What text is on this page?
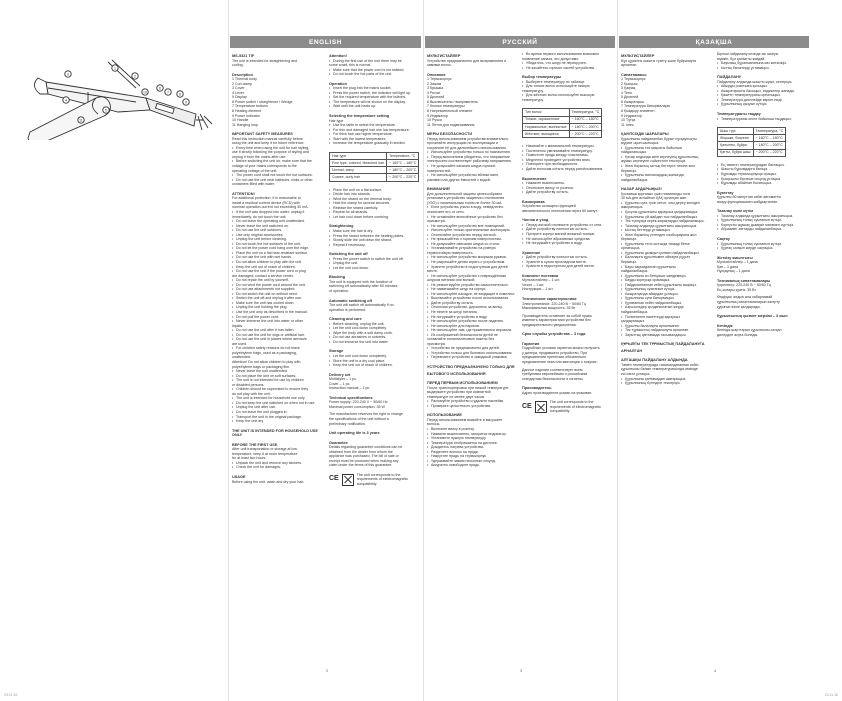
1
2
3
4
5
6
7	8
9
10
11
ENGLISH	РУССКИЙ	ҚАЗАҚША
MS-5321 TIF
The unit is intended for straightening and
curling.
Description
1 Thermal body
2 Curl clamp
3 Cover
4 Lever
5 Display
6 Power switch / straightener / Wedge
7 Temperature buttons
8 Heating element
9 Power indicator
10 Handle
11 Hanging loop
IMPORTANT SAFETY MEASURES
Read this instruction manual carefully before
using the unit and keep it for future reference.
• Every time when using the unit for hair styling,
use it strictly following the purpose of styling and
unplug it from the mains after use.
• Before switching the unit on, make sure that the
voltage of your mains corresponds to the
operating voltage of the unit.
• The power cord shall not touch the hot surfaces.
• Do not use the unit near bathtubs, sinks or other
containers filled with water.
ATTENTION!
For additional protection, it is reasonable to
install a residual current device (RCD) with
nominal operation current not exceeding 30 mA.
• If the unit was dropped into water, unplug it
immediately, do not touch the unit.
• Do not leave the operating unit unattended.
• Never leave the unit switched on.
• Do not use the unit outdoors.
• Use only original accessories.
• Unplug the unit before cleaning.
• Do not touch the hot surfaces of the unit.
• Do not let the power cord hang over the edge.
• Place the unit on a flat heat-resistant surface.
• Do not use the unit with wet hands.
• Do not allow children to play with the unit.
• Keep the unit out of reach of children.
• Do not use the unit if the power cord or plug
are damaged; contact a service center.
• Do not repair the unit by yourself.
• Do not wind the power cord around the unit.
• Do not use attachments not supplied.
• Do not switch the unit on without need.
• Switch the unit off and unplug it after use.
• Make sure the unit has cooled down.
• Unplug the unit holding the plug.
• Use the unit only as described in the manual.
• Do not pull the power cord.
• Never immerse the unit into water or other
liquids.
• Do not use the unit after it has fallen.
• Do not use the unit for wigs or artificial hair.
• Do not use the unit in places where aerosols
are used.
• For children safety reasons do not leave
polyethylene bags, used as a packaging,
unattended.
Attention! Do not allow children to play with
polyethylene bags or packaging film.
• Never leave the unit unattended.
• Do not place the unit on soft surfaces.
• The unit is not intended for use by children
or disabled persons.
• Children should be supervised to ensure they
do not play with the unit.
• The unit is intended for household use only.
• Do not keep the unit switched on when not in use.
• Unplug the unit after use.
• Do not leave the unit plugged in.
• Transport the unit in the original package.
• Keep the unit dry.
THE UNIT IS INTENDED FOR HOUSEHOLD USE ONLY
BEFORE THE FIRST USE
After unit transportation or storage at low
temperature, keep it at room temperature
for at least two hours.
• Unpack the unit and remove any stickers.
• Check the unit for damages.
USAGE
Before using the unit, wash and dry your hair.
Attention!
• During the first use of the unit there may be
some smell, this is normal.
• Make sure that the power cord is not twisted.
• Do not touch the hot parts of the unit.
Operation
• Insert the plug into the mains socket.
• Press the power switch, the indicator will light up.
• Set the required temperature with the buttons.
• The temperature will be shown on the display.
• Wait until the unit heats up.
Selecting the temperature setting
Hair type
• Use the table to select the temperature.
• For thin and damaged hair use low temperature.
• For thick hair use higher temperature.
• Start with the lowest temperature.
• Increase the temperature gradually if needed.
Hair type	Temperature, °C
Fine type, colored, bleached hair	~ 160°C – 180°C
Normal, wavy	~ 180°C – 200°C
Coarse, curly hair	~ 200°C – 220°C
• Place the unit on a flat surface.
• Divide hair into strands.
• Wind the strand on the thermal body.
• Hold the clamp for several seconds.
• Release the strand carefully.
• Repeat for all strands.
• Let hair cool down before combing.
Straightening
• Make sure the hair is dry.
• Press the strand between the heating plates.
• Slowly slide the unit down the strand.
• Repeat if necessary.
Switching the unit off
• Press the power switch to switch the unit off.
• Unplug the unit.
• Let the unit cool down.
Blocking
The unit is equipped with the function of
switching off automatically after 60 minutes
of operation.
Automatic switching off
The unit will switch off automatically if no
operation is performed.
Cleaning and care
• Before cleaning, unplug the unit.
• Let the unit cool down completely.
• Wipe the body with a soft damp cloth.
• Do not use abrasives or solvents.
• Do not immerse the unit into water.
Storage
• Let the unit cool down completely.
• Store the unit in a dry cool place.
• Keep the unit out of reach of children.
Delivery set
Multistyler – 1 pc.
Cover – 1 pc.
Instruction manual – 1 pc.
Technical specifications
Power supply: 220-240 V ~ 50/60 Hz
Maximal power consumption: 35 W
The manufacturer reserves the right to change
the specifications of the unit without a
preliminary notification.
Unit operating life is 3 years
Guarantee
Details regarding guarantee conditions can be
obtained from the dealer from whom the
appliance was purchased. The bill of sale or
receipt must be produced when making any
claim under the terms of this guarantee.
CE
The unit corresponds to the requirements of electromagnetic compatibility
МУЛЬТИСТАЙЛЕР
Устройство предназначено для выпрямления и
завивки волос.
Описание
1 Термокорпус
2 Зажим
3 Крышка
4 Рычаг
5 Дисплей
6 Выключатель / выпрямитель
7 Кнопки температуры
8 Нагревательный элемент
9 Индикатор
10 Ручка
11 Петля для подвешивания
МЕРЫ БЕЗОПАСНОСТИ
Перед использованием устройства внимательно
прочитайте инструкцию по эксплуатации и
сохраните её для дальнейшего использования.
• Используйте устройство только по назначению.
• Перед включением убедитесь, что напряжение
электросети соответствует рабочему напряжению.
• Не допускайте касания шнура горячих
поверхностей.
• Не используйте устройство вблизи ванн,
раковин или других ёмкостей с водой.
ВНИМАНИЕ!
Для дополнительной защиты целесообразно
установить устройство защитного отключения
(УЗО) с номинальным током не более 30 мА.
• Если устройство упало в воду, немедленно
отключите его от сети.
• Не оставляйте включённое устройство без
присмотра.
• Не используйте устройство вне помещений.
• Используйте только оригинальные аксессуары.
• Отключайте устройство перед чисткой.
• Не прикасайтесь к горячим поверхностям.
• Не допускайте свисания шнура со стола.
• Устанавливайте устройство на ровную
термостойкую поверхность.
• Не используйте устройство мокрыми руками.
• Не разрешайте детям играть с устройством.
• Храните устройство в недоступном для детей
месте.
• Не используйте устройство с повреждённым
шнуром питания или вилкой.
• Не ремонтируйте устройство самостоятельно.
• Не наматывайте шнур на корпус.
• Не используйте насадки, не входящие в комплект.
• Выключайте устройство после использования.
• Дайте устройству остыть.
• Отключая устройство, держитесь за вилку.
• Не тяните за шнур питания.
• Не погружайте устройство в воду.
• Не используйте устройство после падения.
• Не используйте для париков.
• Не используйте там, где применяются аэрозоли.
• Из соображений безопасности детей не
оставляйте полиэтиленовые пакеты без
присмотра.
• Устройство не предназначено для детей.
• Устройство только для бытового использования.
• Перевозите устройство в заводской упаковке.
УСТРОЙСТВО ПРЕДНАЗНАЧЕНО ТОЛЬКО ДЛЯ
БЫТОВОГО ИСПОЛЬЗОВАНИЯ
ПЕРЕД ПЕРВЫМ ИСПОЛЬЗОВАНИЕМ
После транспортировки при низкой температуре
выдержите устройство при комнатной
температуре не менее двух часов.
• Распакуйте устройство и удалите наклейки.
• Проверьте целостность устройства.
ИСПОЛЬЗОВАНИЕ
Перед использованием вымойте и высушите
волосы.
• Включите вилку в розетку.
• Нажмите выключатель, загорится индикатор.
• Установите нужную температуру.
• Температура отображается на дисплее.
• Дождитесь нагрева устройства.
• Разделите волосы на пряди.
• Накрутите прядь на термокорпус.
• Удерживайте зажим несколько секунд.
• Аккуратно освободите прядь.
• Во время первого использования возможно
появление запаха, это допустимо.
• Убедитесь, что шнур не перекручен.
• Не касайтесь горячих частей устройства.
Выбор температуры
• Выберите температуру по таблице.
• Для тонких волос используйте низкую
температуру.
• Для жёстких волос используйте высокую
температуру.
Тип волос	Температура, °C
Тонкие, окрашенные	~ 160°C – 180°C
Нормальные, волнистые	~ 180°C – 200°C
Жёсткие, вьющиеся	~ 200°C – 220°C
• Начинайте с минимальной температуры.
• Постепенно увеличивайте температуру.
• Поместите прядь между пластинами.
• Медленно проведите устройство вниз.
• Повторите при необходимости.
• Дайте волосам остыть перед расчёсыванием.
Выключение
• Нажмите выключатель.
• Отключите вилку от розетки.
• Дайте устройству остыть.
Блокировка
Устройство оснащено функцией
автоматического отключения через 60 минут.
Чистка и уход
• Перед чисткой отключите устройство от сети.
• Дайте устройству полностью остыть.
• Протрите корпус мягкой влажной тканью.
• Не используйте абразивные средства.
• Не погружайте устройство в воду.
Хранение
• Дайте устройству полностью остыть.
• Храните в сухом прохладном месте.
• Храните в недоступном для детей месте.
Комплект поставки
Мультистайлер – 1 шт.
Чехол – 1 шт.
Инструкция – 1 шт.
Технические характеристики
Электропитание: 220-240 В ~ 50/60 Гц
Максимальная мощность: 35 Вт
Производитель оставляет за собой право
изменять характеристики устройства без
предварительного уведомления.
Срок службы устройства – 3 года
Гарантия
Подробные условия гарантии можно получить
у дилера, продавшего устройство. При
предъявлении претензии обязательно
предъявление чека или квитанции о покупке.
Данное изделие соответствует всем
требуемым европейским и российским
стандартам безопасности и гигиены.
Производитель
Адрес производителя указан на упаковке.
CE
The unit corresponds to the requirements of electromagnetic compatibility
МУЛЬТИСТАЙЛЕР
Бұл құрылғы шашты түзету және бұйралауға
арналған.
Сипаттамасы
1 Термокорпус
2 Қысқыш
3 Қақпақ
4 Тетік
5 Дисплей
6 Ажыратқыш
7 Температура батырмалары
8 Қыздыру элементі
9 Индикатор
10 Тұтқа
11 Ілгек
ҚАУІПСІЗДІК ШАРАЛАРЫ
Құрылғыны пайдаланбас бұрын нұсқаулықты
мұқият оқып шығыңыз.
• Құрылғыны тек мақсаты бойынша
пайдаланыңыз.
• Қосар алдында желі кернеуінің құрылғының
жұмыс кернеуіне сәйкестігін тексеріңіз.
• Желі бауының ыстық беттерге тиюіне жол
бермеңіз.
• Құрылғыны ванналардың жанында
пайдаланбаңыз.
НАЗАР АУДАРЫҢЫЗ!
Қосымша қорғаныс үшін номиналды тогы
30 мА-ден аспайтын ҚАҚ орнатқан жөн.
• Құрылғы суға түсіп кетсе, оны дереу желіден
ажыратыңыз.
• Қосулы құрылғыны қараусыз қалдырмаңыз.
• Құрылғыны үй-жайдан тыс пайдаланбаңыз.
• Тек түпнұсқа керек-жарақтарды пайдаланыңыз.
• Тазалау алдында құрылғыны ажыратыңыз.
• Ыстық беттерді ұстамаңыз.
• Желі бауының үстелден салбырауына жол
бермеңіз.
• Құрылғыны тегіс ыстыққа төзімді бетке
орнатыңыз.
• Құрылғыны дымқыл қолмен пайдаланбаңыз.
• Балаларға құрылғымен ойнауға рұқсат
бермеңіз.
• Бауы зақымдалған құрылғыны
пайдаланбаңыз.
• Құрылғыны өз бетіңізше жөндемеңіз.
• Бауды корпусқа орамаңыз.
• Пайдаланғаннан кейін құрылғыны өшіріңіз.
• Құрылғының суығанын күтіңіз.
• Ажыратқанда айырдан ұстаңыз.
• Құрылғыны суға батырмаңыз.
• Құлағаннан кейін пайдаланбаңыз.
• Аэрозольдер қолданылатын жерде
пайдаланбаңыз.
• Полиэтилен пакеттерді қараусыз
қалдырмаңыз.
• Құрылғы балаларға арналмаған.
• Тек тұрмыстық пайдалануға арналған.
• Зауыттық қаптамада тасымалдаңыз.
ҚҰРЫЛҒЫ ТЕК ТҰРМЫСТЫҚ ПАЙДАЛАНУҒА
АРНАЛҒАН
АЛҒАШҚЫ ПАЙДАЛАНУ АЛДЫНДА
Төмен температурада тасымалдағаннан кейін
құрылғыны бөлме температурасында кемінде
екі сағат ұстаңыз.
• Құрылғыны қаптамадан шығарыңыз.
• Құрылғының бүтіндігін тексеріңіз.
Бірінші пайдалану кезінде иіс шығуы
мүмкін, бұл қалыпты жағдай.
• Бауының бұралмағанына көз жеткізіңіз.
• Ыстық бөліктерді ұстамаңыз.
ПАЙДАЛАНУ
Пайдалану алдында шашты жуып, кептіріңіз.
• Айырды розеткаға қосыңыз.
• Ажыратқышты басыңыз, индикатор жанады.
• Қажетті температураны орнатыңыз.
• Температура дисплейде көрсетіледі.
• Құрылғының қызуын күтіңіз.
Температураны таңдау
• Температураны кесте бойынша таңдаңыз.
Шаш түрі	Температура, °C
Жіңішке, боялған	~ 160°C – 180°C
Қалыпты, бұйра	~ 180°C – 200°C
Қатты, бұйра шаш	~ 200°C – 220°C
• Ең төменгі температурадан бастаңыз.
• Шашты бұрымдарға бөліңіз.
• Бұрымды термокорпусқа ораңыз.
• Қысқышты бірнеше секунд ұстаңыз.
• Бұрымды абайлап босатыңыз.
Бұғаттау
Құрылғы 60 минуттан кейін автоматты
өшіру функциясымен жабдықталған.
Тазалау және күтім
• Тазалау алдында құрылғыны ажыратыңыз.
• Құрылғының толық суығанын күтіңіз.
• Корпусты жұмсақ дымқыл матамен сүртіңіз.
• Абразивті заттарды пайдаланбаңыз.
Сақтау
• Құрылғының толық суығанын күтіңіз.
• Құрғақ салқын жерде сақтаңыз.
Жеткізу жиынтығы
Мультистайлер – 1 дана
Қап – 1 дана
Нұсқаулық – 1 дана
Техникалық сипаттамалары
Қоректену: 220-240 В ~ 50/60 Гц
Ең жоғары қуаты: 35 Вт
Өндіруші алдын ала хабарламай
құрылғының сипаттамаларын өзгерту
құқығын өзіне қалдырады.
Құрылғының қызмет мерзімі – 3 жыл
Кепілдік
Кепілдік шарттарын құрылғыны сатқан
дилерден алуға болады.
2	3	4
23.11.16	23.11.16
